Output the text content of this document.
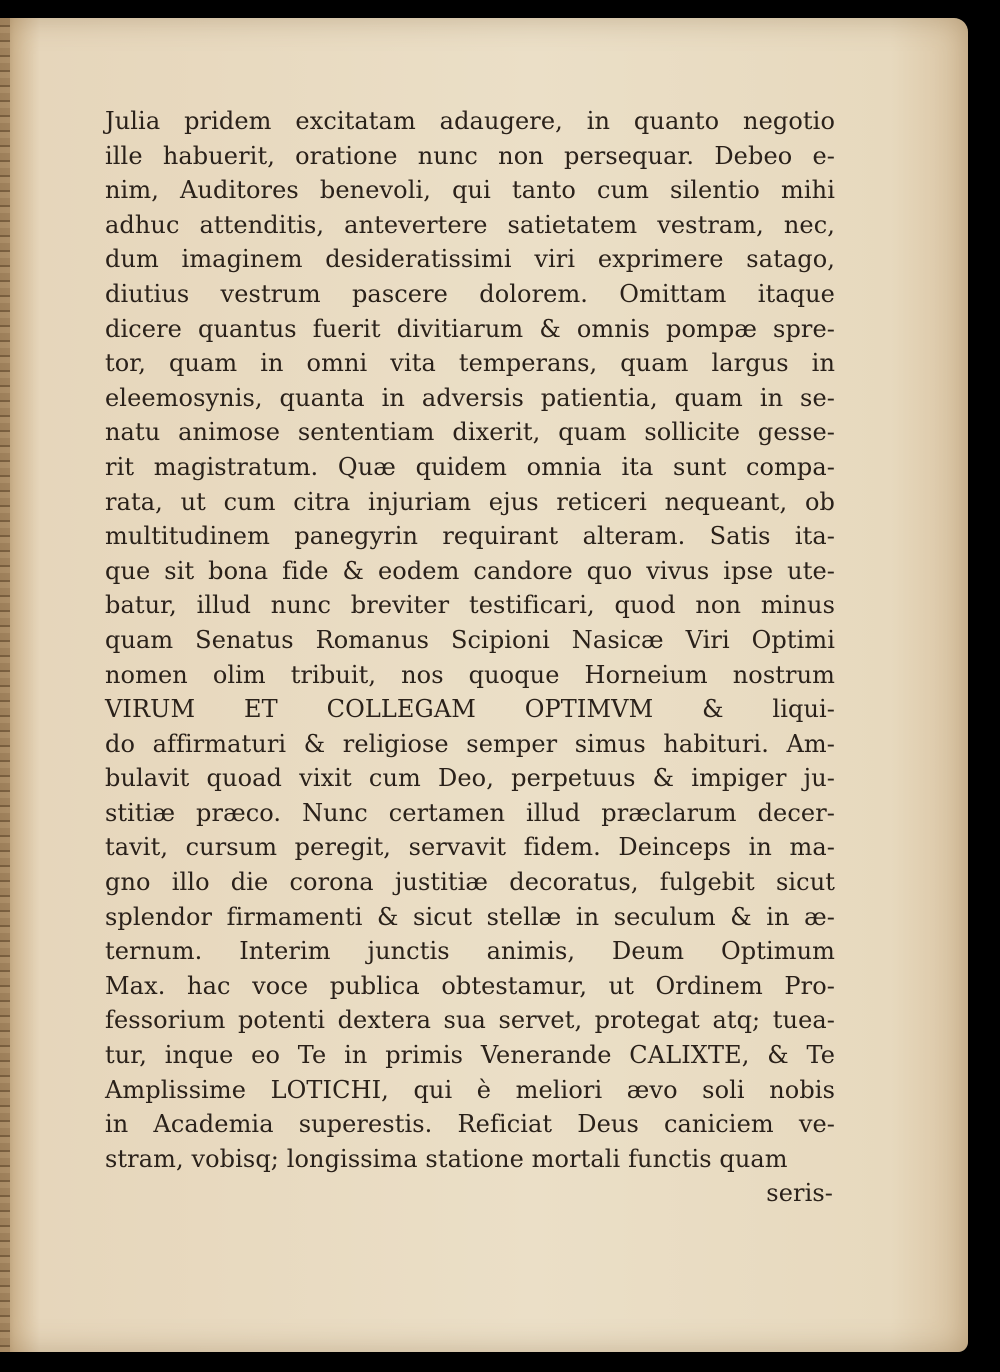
Julia pridem excitatam adaugere, in quanto negotio
ille habuerit, oratione nunc non persequar. Debeo e-
nim, Auditores benevoli, qui tanto cum silentio mihi
adhuc attenditis, antevertere satietatem vestram, nec,
dum imaginem desideratissimi viri exprimere satago,
diutius vestrum pascere dolorem. Omittam itaque
dicere quantus fuerit divitiarum & omnis pompæ spre-
tor, quam in omni vita temperans, quam largus in
eleemosynis, quanta in adversis patientia, quam in se-
natu animose sententiam dixerit, quam sollicite gesse-
rit magistratum. Quæ quidem omnia ita sunt compa-
rata, ut cum citra injuriam ejus reticeri nequeant, ob
multitudinem panegyrin requirant alteram. Satis ita-
que sit bona fide & eodem candore quo vivus ipse ute-
batur, illud nunc breviter testificari, quod non minus
quam Senatus Romanus Scipioni Nasicæ Viri Optimi
nomen olim tribuit, nos quoque Horneium nostrum
VIRUM ET COLLEGAM OPTIMVM & liqui-
do affirmaturi & religiose semper simus habituri. Am-
bulavit quoad vixit cum Deo, perpetuus & impiger ju-
stitiæ præco. Nunc certamen illud præclarum decer-
tavit, cursum peregit, servavit fidem. Deinceps in ma-
gno illo die corona justitiæ decoratus, fulgebit sicut
splendor firmamenti & sicut stellæ in seculum & in æ-
ternum. Interim junctis animis, Deum Optimum
Max. hac voce publica obtestamur, ut Ordinem Pro-
fessorium potenti dextera sua servet, protegat atq; tuea-
tur, inque eo Te in primis Venerande CALIXTE, & Te
Amplissime LOTICHI, qui è meliori ævo soli nobis
in Academia superestis. Reficiat Deus caniciem ve-
stram, vobisq; longissima statione mortali functis quam
seris-
